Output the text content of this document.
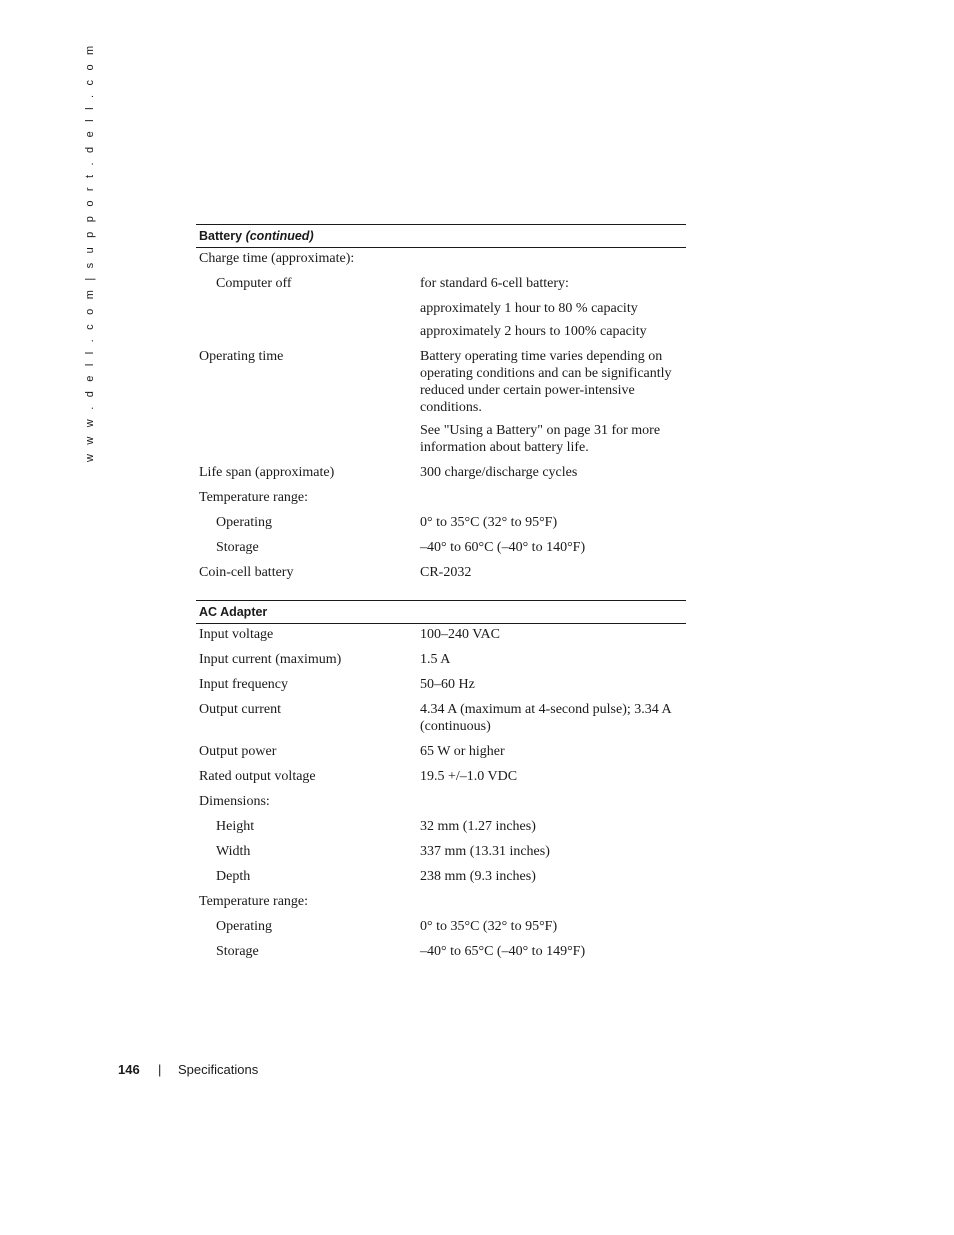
w w w . d e l l . c o m | s u p p o r t . d e l l . c o m	Battery (continued)
Charge time (approximate):
Computer off	for standard 6-cell battery:
approximately 1 hour to 80 % capacity
approximately 2 hours to 100% capacity
Operating time	Battery operating time varies depending on operating conditions and can be significantly reduced under certain power-intensive conditions.
See "Using a Battery" on page 31 for more information about battery life.
Life span (approximate)	300 charge/discharge cycles
Temperature range:
Operating	0° to 35°C (32° to 95°F)
Storage	–40° to 60°C (–40° to 140°F)
Coin-cell battery	CR-2032
AC Adapter
Input voltage	100–240 VAC
Input current (maximum)	1.5 A
Input frequency	50–60 Hz
Output current	4.34 A (maximum at 4-second pulse); 3.34 A (continuous)
Output power	65 W or higher
Rated output voltage	19.5 +/–1.0 VDC
Dimensions:
Height	32 mm (1.27 inches)
Width	337 mm (13.31 inches)
Depth	238 mm (9.3 inches)
Temperature range:
Operating	0° to 35°C (32° to 95°F)
Storage	–40° to 65°C (–40° to 149°F)
146	|	Specifications
